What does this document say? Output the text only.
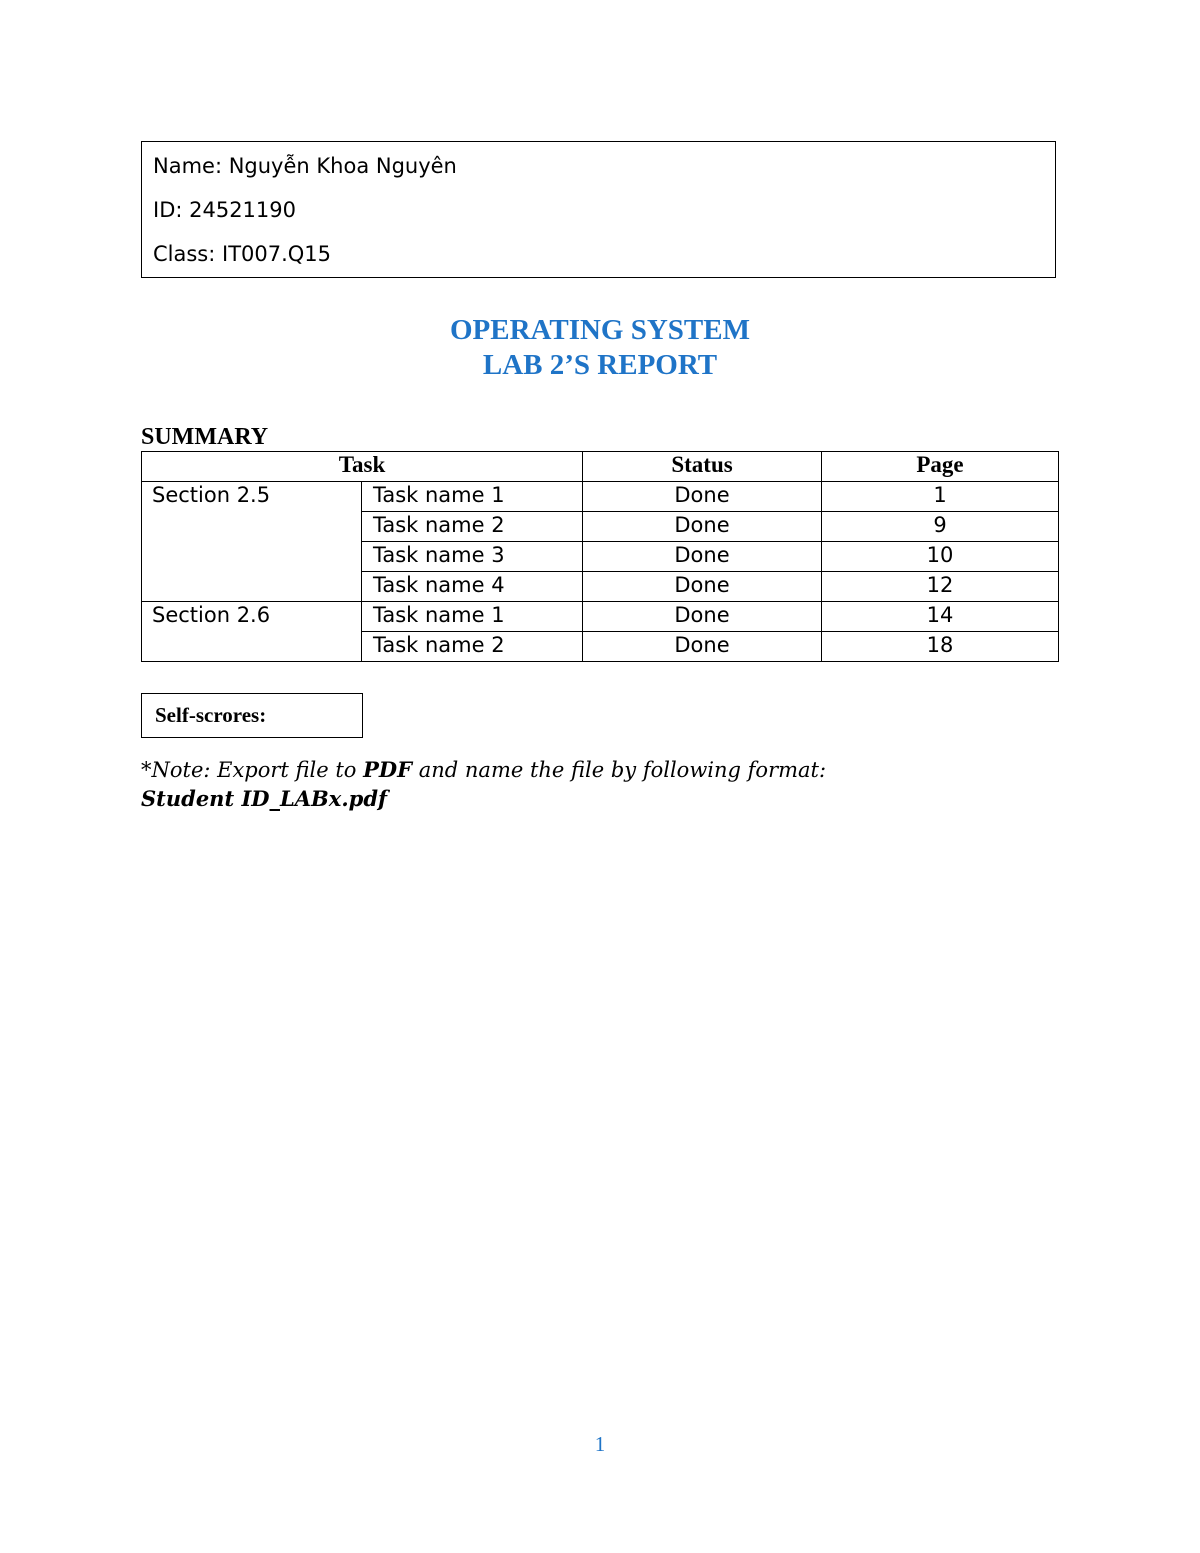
Name: Nguyễn Khoa Nguyên
ID: 24521190
Class: IT007.Q15
OPERATING SYSTEM
LAB 2’S REPORT
SUMMARY
Task		Status	Page
Section 2.5	Task name 1	Done	1
	Task name 2	Done	9
	Task name 3	Done	10
	Task name 4	Done	12
Section 2.6	Task name 1	Done	14
	Task name 2	Done	18
Self-scrores:
*Note: Export file to PDF and name the file by following format:
Student ID_LABx.pdf
1
